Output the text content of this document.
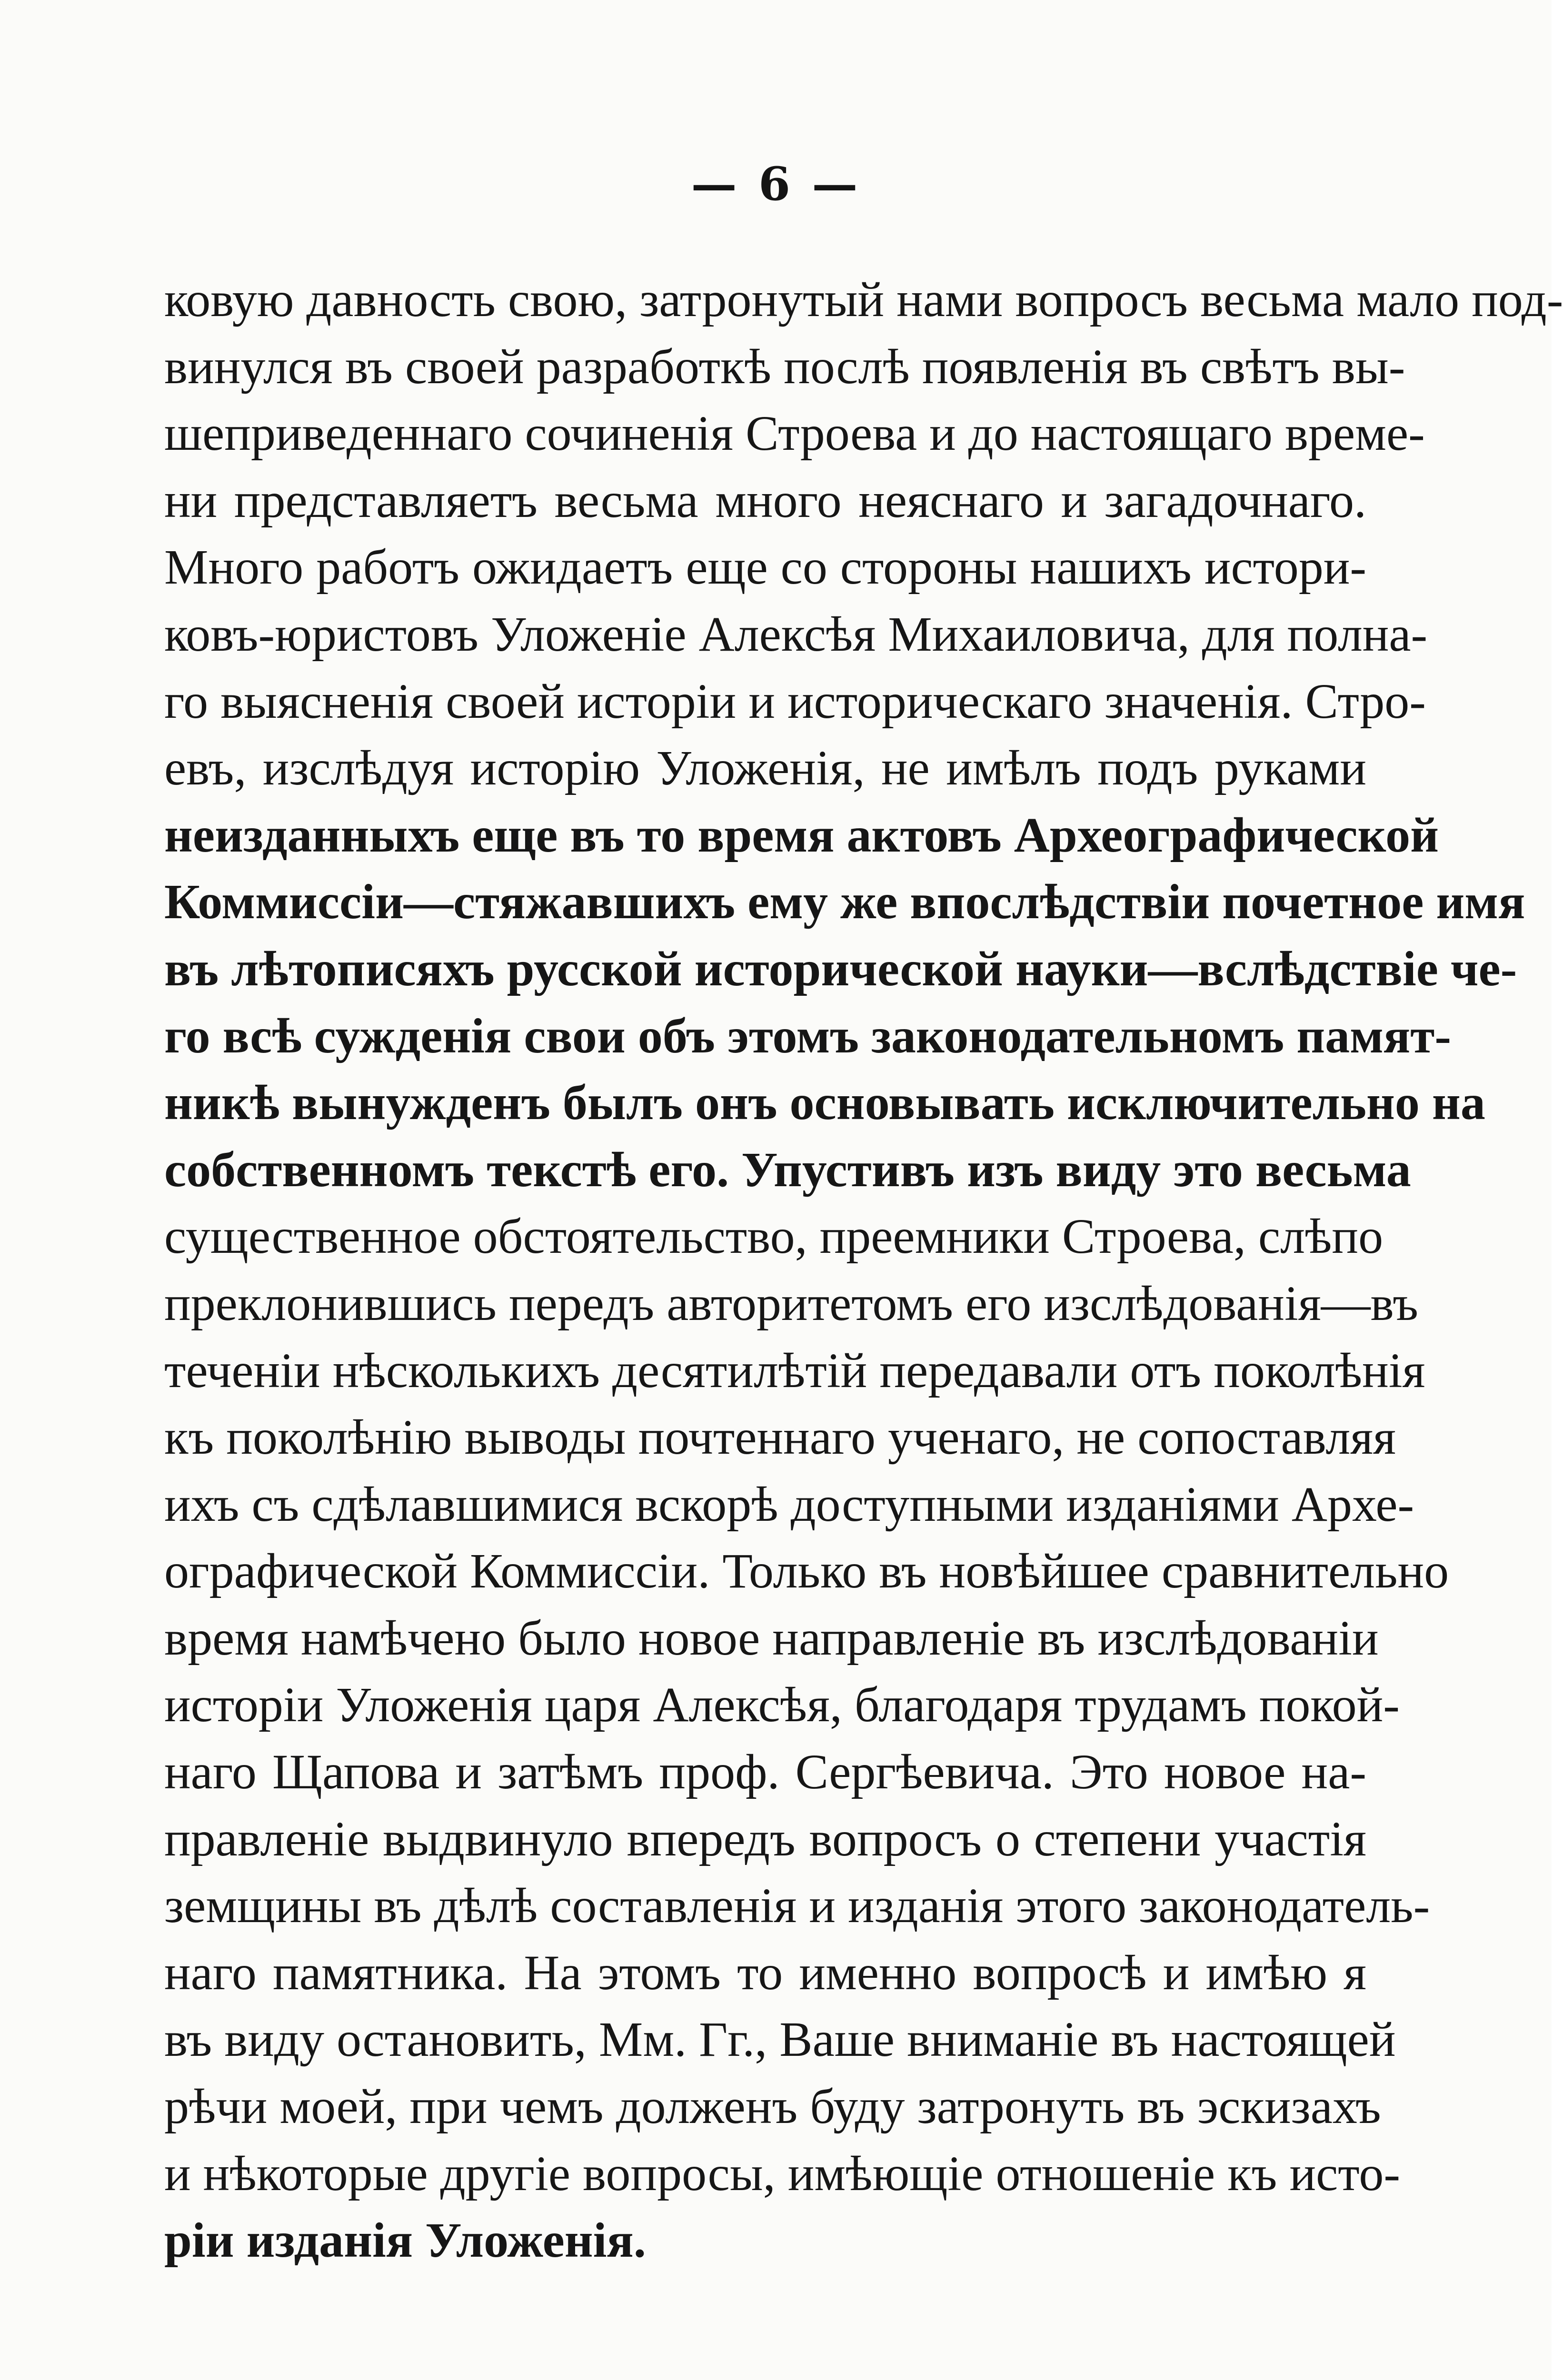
— 6 —
ковую давность свою, затронутый нами вопросъ весьма мало под-
винулся въ своей разработкѣ послѣ появленія въ свѣтъ вы-
шеприведеннаго сочиненія Строева и до настоящаго време-
ни представляетъ весьма много неяснаго и загадочнаго.
Много работъ ожидаетъ еще со стороны нашихъ истори-
ковъ-юристовъ Уложеніе Алексѣя Михаиловича, для полна-
го выясненія своей исторіи и историческаго значенія. Стро-
евъ, изслѣдуя исторію Уложенія, не имѣлъ подъ руками
неизданныхъ еще въ то время актовъ Археографической
Коммиссіи—стяжавшихъ ему же впослѣдствіи почетное имя
въ лѣтописяхъ русской исторической науки—вслѣдствіе че-
го всѣ сужденія свои объ этомъ законодательномъ памят-
никѣ вынужденъ былъ онъ основывать исключительно на
собственномъ текстѣ его. Упустивъ изъ виду это весьма
существенное обстоятельство, преемники Строева, слѣпо
преклонившись передъ авторитетомъ его изслѣдованія—въ
теченіи нѣсколькихъ десятилѣтій передавали отъ поколѣнія
къ поколѣнію выводы почтеннаго ученаго, не сопоставляя
ихъ съ сдѣлавшимися вскорѣ доступными изданіями Архе-
ографической Коммиссіи. Только въ новѣйшее сравнительно
время намѣчено было новое направленіе въ изслѣдованіи
исторіи Уложенія царя Алексѣя, благодаря трудамъ покой-
наго Щапова и затѣмъ проф. Сергѣевича. Это новое на-
правленіе выдвинуло впередъ вопросъ о степени участія
земщины въ дѣлѣ составленія и изданія этого законодатель-
наго памятника. На этомъ то именно вопросѣ и имѣю я
въ виду остановить, Мм. Гг., Ваше вниманіе въ настоящей
рѣчи моей, при чемъ долженъ буду затронуть въ эскизахъ
и нѣкоторые другіе вопросы, имѣющіе отношеніе къ исто-
ріи изданія Уложенія.
